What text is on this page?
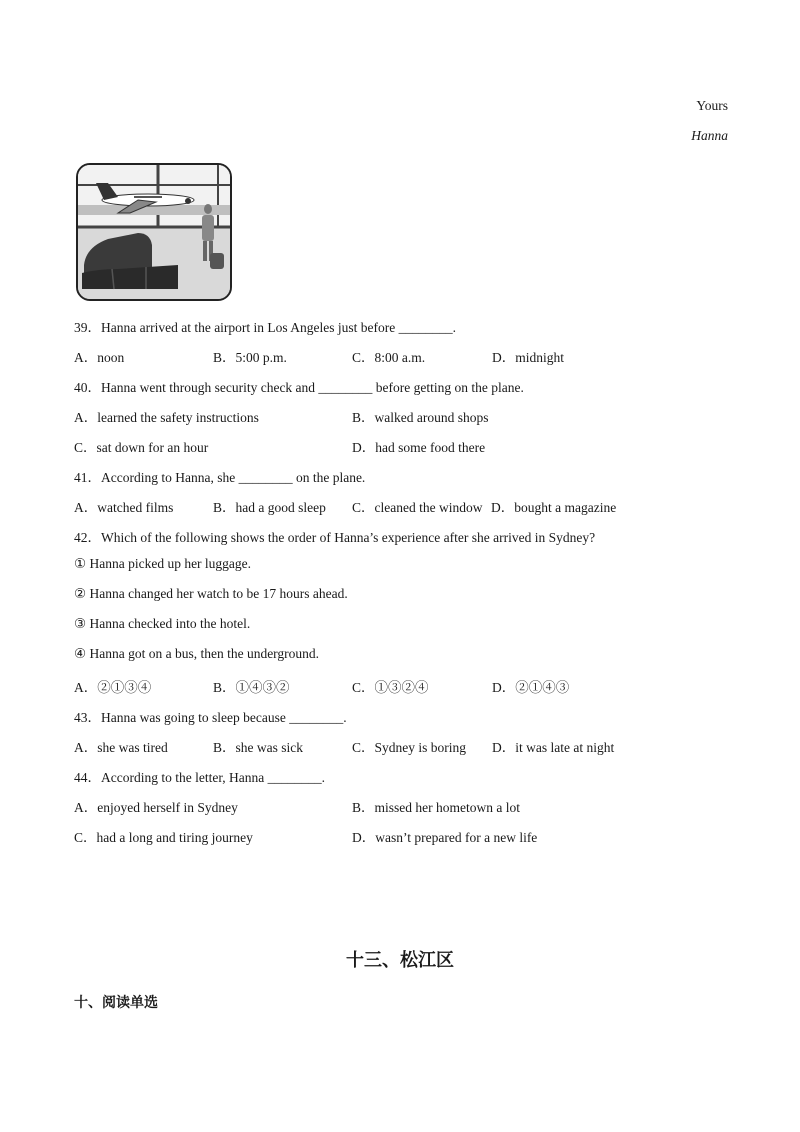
Yours
Hanna
39．Hanna arrived at the airport in Los Angeles just before ________.
A．noon	B．5:00 p.m.	C．8:00 a.m.	D．midnight
40．Hanna went through security check and ________ before getting on the plane.
A．learned the safety instructions	B．walked around shops
C．sat down for an hour	D．had some food there
41．According to Hanna, she ________ on the plane.
A．watched films	B．had a good sleep C．cleaned the window D．bought a magazine
42．Which of the following shows the order of Hanna’s experience after she arrived in Sydney?
① Hanna picked up her luggage.
② Hanna changed her watch to be 17 hours ahead.
③ Hanna checked into the hotel.
④ Hanna got on a bus, then the underground.
A．②①③④	B．①④③②	C．①③②④	D．②①④③
43．Hanna was going to sleep because ________.
A．she was tired	B．she was sick	C．Sydney is boring D．it was late at night
44．According to the letter, Hanna ________.
A．enjoyed herself in Sydney	B．missed her hometown a lot
C．had a long and tiring journey	D．wasn’t prepared for a new life
十三、松江区
十、阅读单选
